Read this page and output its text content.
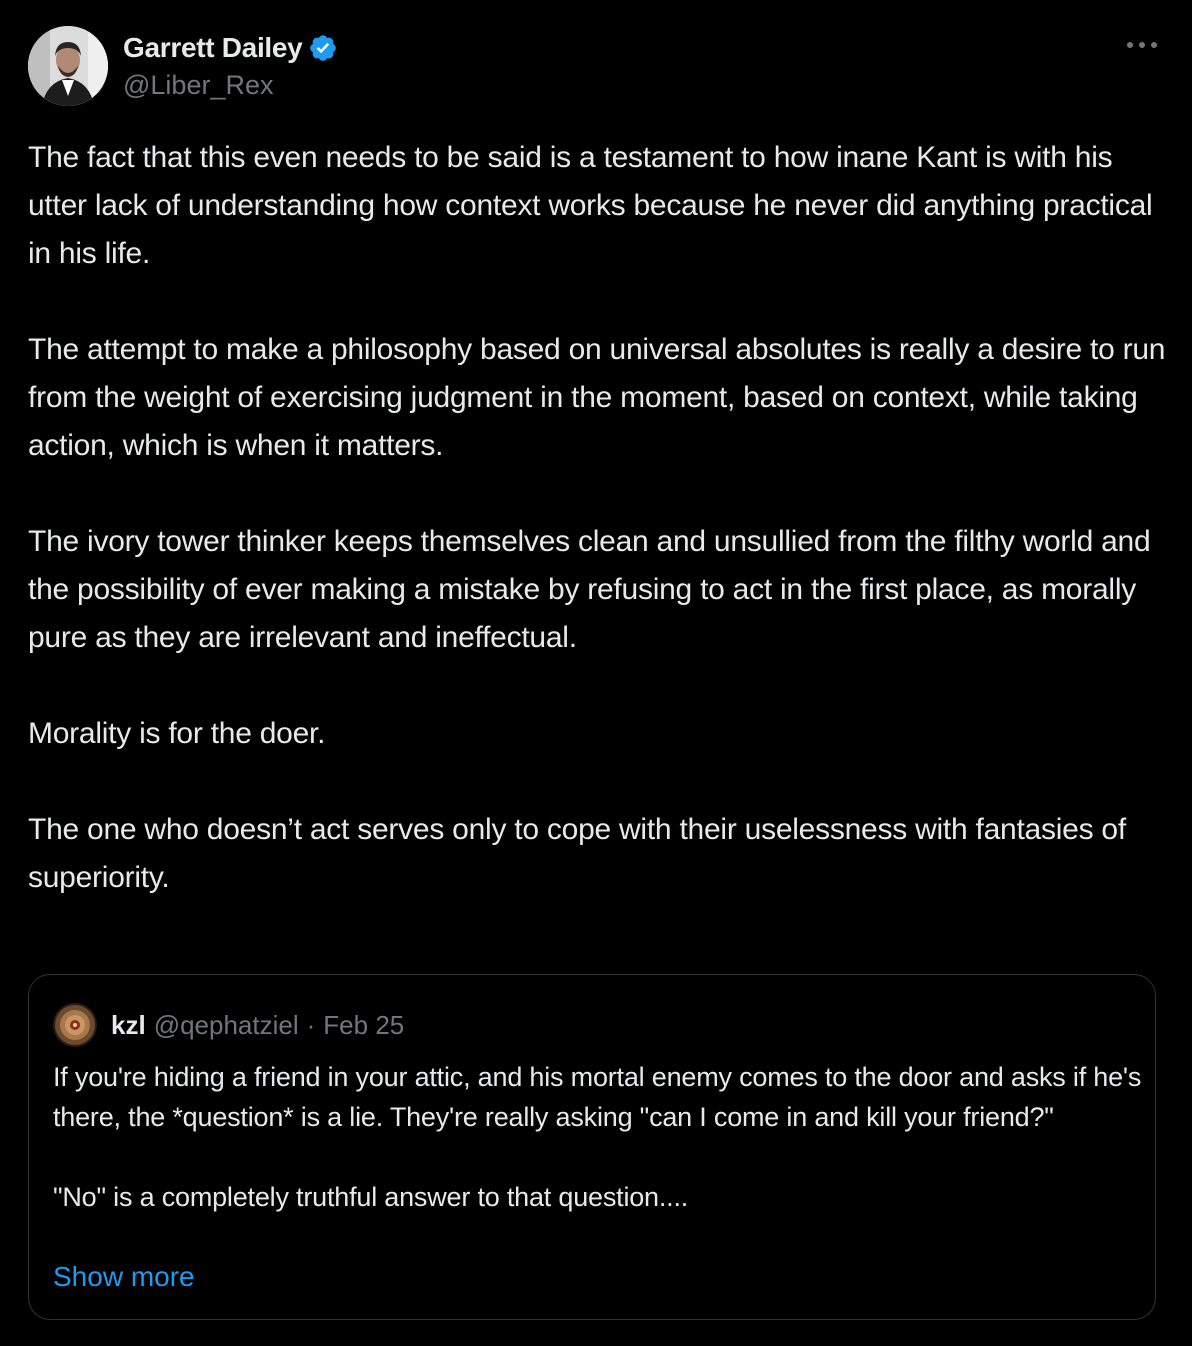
Garrett Dailey
@Liber_Rex

The fact that this even needs to be said is a testament to how inane Kant is with his utter lack of understanding how context works because he never did anything practical in his life.

The attempt to make a philosophy based on universal absolutes is really a desire to run from the weight of exercising judgment in the moment, based on context, while taking action, which is when it matters.

The ivory tower thinker keeps themselves clean and unsullied from the filthy world and the possibility of ever making a mistake by refusing to act in the first place, as morally pure as they are irrelevant and ineffectual.

Morality is for the doer.

The one who doesn’t act serves only to cope with their uselessness with fantasies of superiority.

kzl @qephatziel · Feb 25

If you're hiding a friend in your attic, and his mortal enemy comes to the door and asks if he's there, the *question* is a lie. They're really asking "can I come in and kill your friend?"

"No" is a completely truthful answer to that question....

Show more
